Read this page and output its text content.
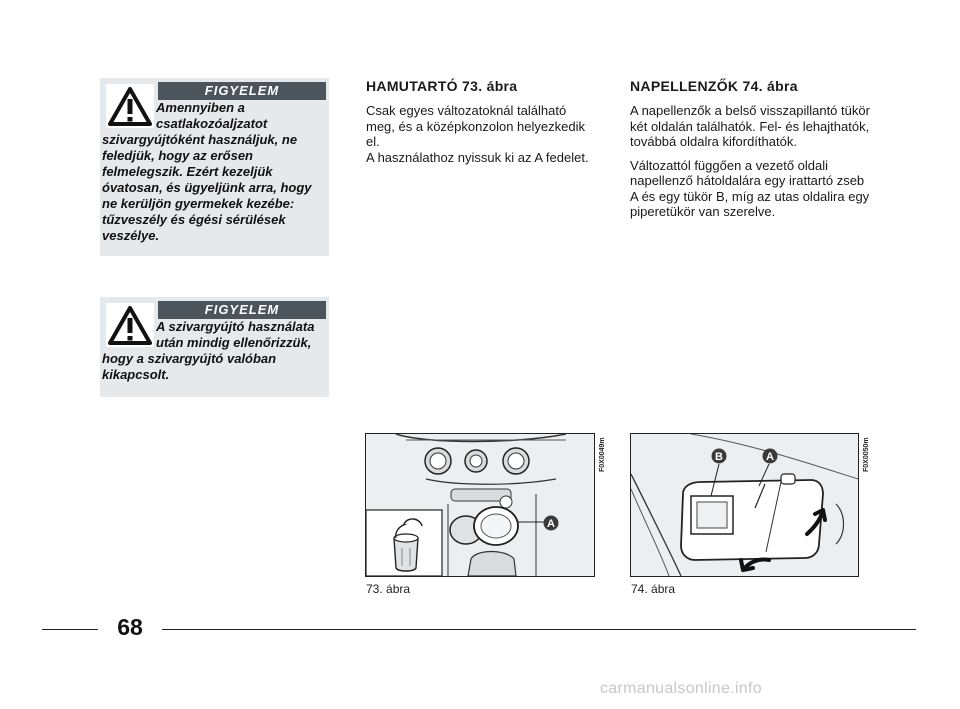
FIGYELEM

Amennyiben a csatlakozóaljzatot szivargyújtóként használjuk, ne feledjük, hogy az erősen felmelegszik. Ezért kezeljük óvatosan, és ügyeljünk arra, hogy ne kerüljön gyermekek kezébe: tűzveszély és égési sérülések veszélye.

FIGYELEM

A szivargyújtó használata után mindig ellenőrizzük, hogy a szivargyújtó valóban kikapcsolt.

HAMUTARTÓ 73. ábra

Csak egyes változatoknál található meg, és a középkonzolon helyezkedik el.

A használathoz nyissuk ki az A fedelet.

NAPELLENZŐK 74. ábra

A napellenzők a belső visszapillantó tükör két oldalán találhatók. Fel- és lehajthatók, továbbá oldalra kifordíthatók.

Változattól függően a vezető oldali napellenző hátoldalára egy irattartó zseb A és egy tükör B, míg az utas oldalira egy piperetükör van szerelve.

A
F0X0049m
73. ábra
B	A	F0X0050m
74. ábra
68
carmanualsonline.info
